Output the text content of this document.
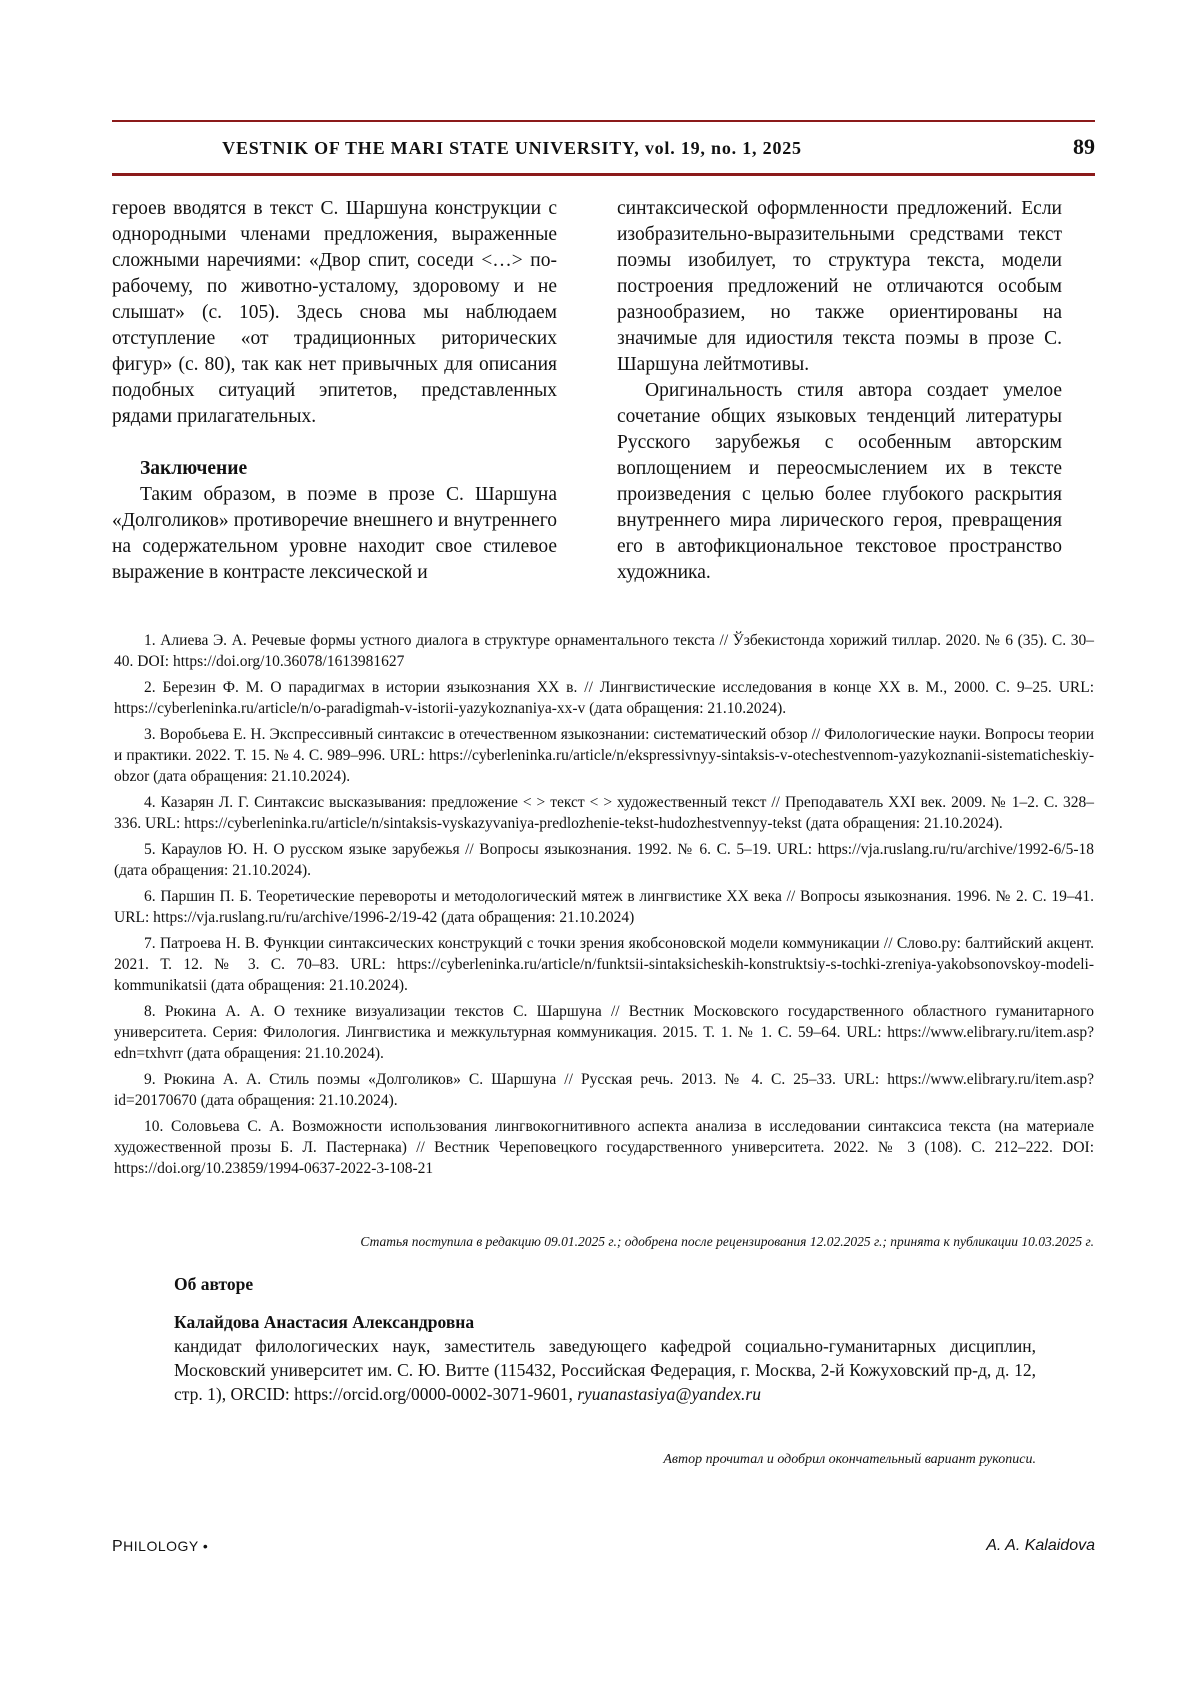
VESTNIK OF THE MARI STATE UNIVERSITY, vol. 19, no. 1, 2025	89

героев вводятся в текст С. Шаршуна конструкции с однородными членами предложения, выраженные сложными наречиями: «Двор спит, соседи <…> по-рабочему, по животно-усталому, здоровому и не слышат» (с. 105). Здесь снова мы наблюдаем отступление «от традиционных риторических фигур» (с. 80), так как нет привычных для описания подобных ситуаций эпитетов, представленных рядами прилагательных.

Заключение

Таким образом, в поэме в прозе С. Шаршуна «Долголиков» противоречие внешнего и внутреннего на содержательном уровне находит свое стилевое выражение в контрасте лексической и

синтаксической оформленности предложений. Если изобразительно-выразительными средствами текст поэмы изобилует, то структура текста, модели построения предложений не отличаются особым разнообразием, но также ориентированы на значимые для идиостиля текста поэмы в прозе С. Шаршуна лейтмотивы.

Оригинальность стиля автора создает умелое сочетание общих языковых тенденций литературы Русского зарубежья с особенным авторским воплощением и переосмыслением их в тексте произведения с целью более глубокого раскрытия внутреннего мира лирического героя, превращения его в автофикциональное текстовое пространство художника.

1. Алиева Э. А. Речевые формы устного диалога в структуре орнаментального текста // Ўзбекистонда хорижий тиллар. 2020. № 6 (35). С. 30–40. DOI: https://doi.org/10.36078/1613981627

2. Березин Ф. М. О парадигмах в истории языкознания XX в. // Лингвистические исследования в конце XX в. М., 2000. С. 9–25. URL: https://cyberleninka.ru/article/n/o-paradigmah-v-istorii-yazykoznaniya-xx-v (дата обращения: 21.10.2024).

3. Воробьева Е. Н. Экспрессивный синтаксис в отечественном языкознании: систематический обзор // Филологические науки. Вопросы теории и практики. 2022. Т. 15. № 4. С. 989–996. URL: https://cyberleninka.ru/article/n/ekspressivnyy-sintaksis-v-otechestvennom-yazykoznanii-sistematicheskiy-obzor (дата обращения: 21.10.2024).

4. Казарян Л. Г. Синтаксис высказывания: предложение < > текст < > художественный текст // Преподаватель XXI век. 2009. № 1–2. С. 328–336. URL: https://cyberleninka.ru/article/n/sintaksis-vyskazyvaniya-predlozhenie-tekst-hudozhestvennyy-tekst (дата обращения: 21.10.2024).

5. Караулов Ю. Н. О русском языке зарубежья // Вопросы языкознания. 1992. № 6. С. 5–19. URL: https://vja.ruslang.ru/ru/archive/1992-6/5-18 (дата обращения: 21.10.2024).

6. Паршин П. Б. Теоретические перевороты и методологический мятеж в лингвистике XX века // Вопросы языкознания. 1996. № 2. С. 19–41. URL: https://vja.ruslang.ru/ru/archive/1996-2/19-42 (дата обращения: 21.10.2024)

7. Патроева Н. В. Функции синтаксических конструкций с точки зрения якобсоновской модели коммуникации // Слово.ру: балтийский акцент. 2021. Т. 12. № 3. С. 70–83. URL: https://cyberleninka.ru/article/n/funktsii-sintaksicheskih-konstruktsiy-s-tochki-zreniya-yakobsonovskoy-modeli-kommunikatsii (дата обращения: 21.10.2024).

8. Рюкина А. А. О технике визуализации текстов С. Шаршуна // Вестник Московского государственного областного гуманитарного университета. Серия: Филология. Лингвистика и межкультурная коммуникация. 2015. Т. 1. № 1. С. 59–64. URL: https://www.elibrary.ru/item.asp?edn=txhvrr (дата обращения: 21.10.2024).

9. Рюкина А. А. Стиль поэмы «Долголиков» С. Шаршуна // Русская речь. 2013. № 4. С. 25–33. URL: https://www.elibrary.ru/item.asp?id=20170670 (дата обращения: 21.10.2024).

10. Соловьева С. А. Возможности использования лингвокогнитивного аспекта анализа в исследовании синтаксиса текста (на материале художественной прозы Б. Л. Пастернака) // Вестник Череповецкого государственного университета. 2022. № 3 (108). С. 212–222. DOI: https://doi.org/10.23859/1994-0637-2022-3-108-21

Статья поступила в редакцию 09.01.2025 г.; одобрена после рецензирования 12.02.2025 г.; принята к публикации 10.03.2025 г.

Об авторе

Калайдова Анастасия Александровна

кандидат филологических наук, заместитель заведующего кафедрой социально-гуманитарных дисциплин, Московский университет им. С. Ю. Витте (115432, Российская Федерация, г. Москва, 2-й Кожуховский пр-д, д. 12, стр. 1), ORCID: https://orcid.org/0000-0002-3071-9601, ryuanastasiya@yandex.ru

Автор прочитал и одобрил окончательный вариант рукописи.
PHILOLOGY •	A. A. Kalaidova
